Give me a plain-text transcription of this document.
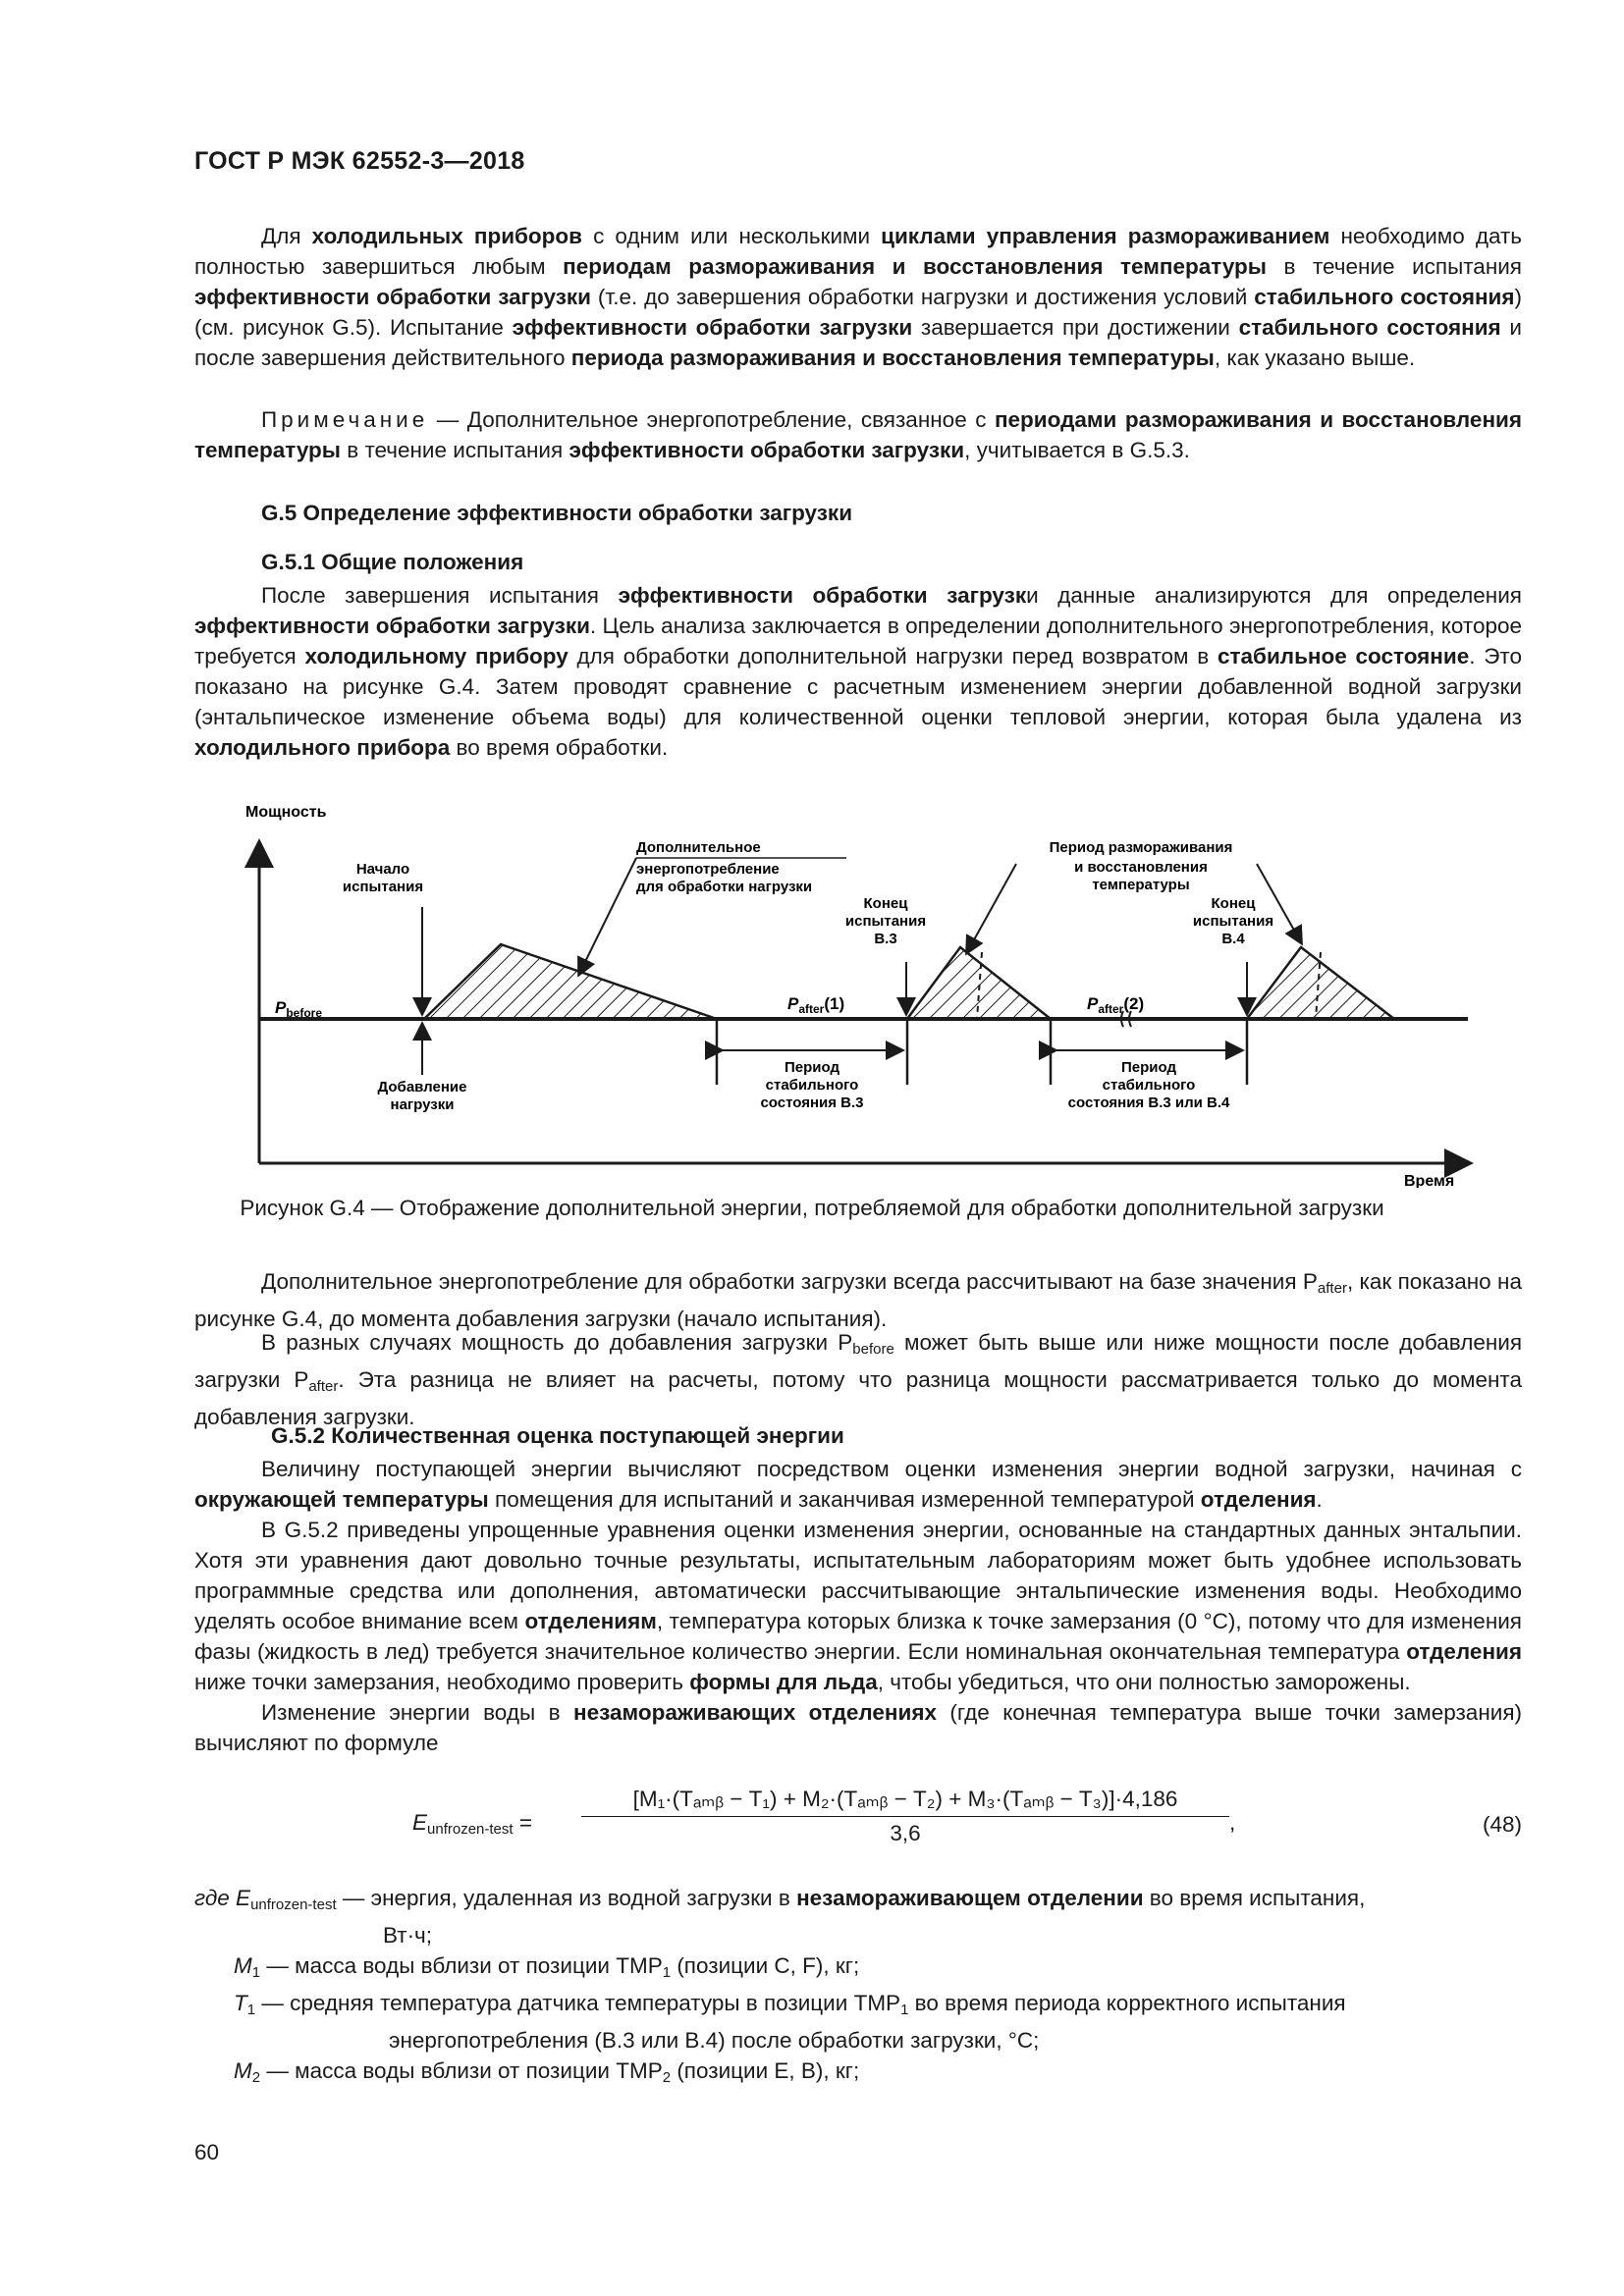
ГОСТ Р МЭК 62552-3—2018
Для холодильных приборов с одним или несколькими циклами управления размораживанием необходимо дать полностью завершиться любым периодам размораживания и восстановления температуры в течение испытания эффективности обработки загрузки (т.е. до завершения обработки нагрузки и достижения условий стабильного состояния) (см. рисунок G.5). Испытание эффективности обработки загрузки завершается при достижении стабильного состояния и после завершения действительного периода размораживания и восстановления температуры, как указано выше.
Примечание — Дополнительное энергопотребление, связанное с периодами размораживания и восстановления температуры в течение испытания эффективности обработки загрузки, учитывается в G.5.3.
G.5 Определение эффективности обработки загрузки
G.5.1 Общие положения
После завершения испытания эффективности обработки загрузки данные анализируются для определения эффективности обработки загрузки. Цель анализа заключается в определении дополнительного энергопотребления, которое требуется холодильному прибору для обработки дополнительной нагрузки перед возвратом в стабильное состояние. Это показано на рисунке G.4. Затем проводят сравнение с расчетным изменением энергии добавленной водной загрузки (энтальпическое изменение объема воды) для количественной оценки тепловой энергии, которая была удалена из холодильного прибора во время обработки.
Мощность
Время
$P_{before}$	$P_{after}(1)$	$P_{after}(2)$
Начало испытания
Добавление нагрузки
Дополнительное энергопотребление для обработки нагрузки
Конец испытания B.3
Период размораживания и восстановления температуры
Конец испытания B.4
Период стабильного состояния B.3
Период стабильного состояния B.3 или B.4
Рисунок G.4 — Отображение дополнительной энергии, потребляемой для обработки дополнительной загрузки
Дополнительное энергопотребление для обработки загрузки всегда рассчитывают на базе значения $P_{after}$, как показано на рисунке G.4, до момента добавления загрузки (начало испытания).
В разных случаях мощность до добавления загрузки $P_{before}$ может быть выше или ниже мощности после добавления загрузки $P_{after}$. Эта разница не влияет на расчеты, потому что разница мощности рассматривается только до момента добавления загрузки.
G.5.2 Количественная оценка поступающей энергии
Величину поступающей энергии вычисляют посредством оценки изменения энергии водной загрузки, начиная с окружающей температуры помещения для испытаний и заканчивая измеренной температурой отделения.
В G.5.2 приведены упрощенные уравнения оценки изменения энергии, основанные на стандартных данных энтальпии. Хотя эти уравнения дают довольно точные результаты, испытательным лабораториям может быть удобнее использовать программные средства или дополнения, автоматически рассчитывающие энтальпические изменения воды. Необходимо уделять особое внимание всем отделениям, температура которых близка к точке замерзания (0 °C), потому что для изменения фазы (жидкость в лед) требуется значительное количество энергии. Если номинальная окончательная температура отделения ниже точки замерзания, необходимо проверить формы для льда, чтобы убедиться, что они полностью заморожены.
Изменение энергии воды в незамораживающих отделениях (где конечная температура выше точки замерзания) вычисляют по формуле
$E_{unfrozen-test}$ =
[M₁·(Tₐₘᵦ − T₁) + M₂·(Tₐₘᵦ − T₂) + M₃·(Tₐₘᵦ − T₃)]·4,186
3,6	,	(48)
где $E_{unfrozen-test}$ — энергия, удаленная из водной загрузки в незамораживающем отделении во время испытания,
Вт·ч;
$M_1$ — масса воды вблизи от позиции $TMP_1$ (позиции C, F), кг;
$T_1$ — средняя температура датчика температуры в позиции $TMP_1$ во время периода корректного испытания
энергопотребления (B.3 или B.4) после обработки загрузки, °C;
$M_2$ — масса воды вблизи от позиции $TMP_2$ (позиции E, B), кг;
60
